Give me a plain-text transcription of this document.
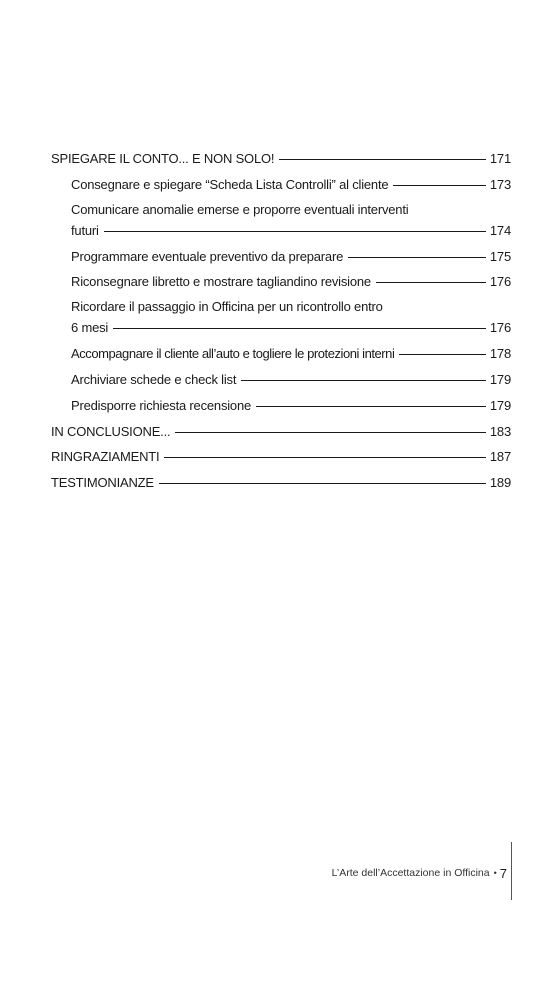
SPIEGARE IL CONTO... E NON SOLO!	171
Consegnare e spiegare “Scheda Lista Controlli” al cliente	173
Comunicare anomalie emerse e proporre eventuali interventi
futuri	174
Programmare eventuale preventivo da preparare	175
Riconsegnare libretto e mostrare tagliandino revisione	176
Ricordare il passaggio in Officina per un ricontrollo entro
6 mesi	176
Accompagnare il cliente all’auto e togliere le protezioni interni	178
Archiviare schede e check list	179
Predisporre richiesta recensione	179
IN CONCLUSIONE...	183
RINGRAZIAMENTI	187
TESTIMONIANZE	189
L’Arte dell’Accettazione in Officina • 7
